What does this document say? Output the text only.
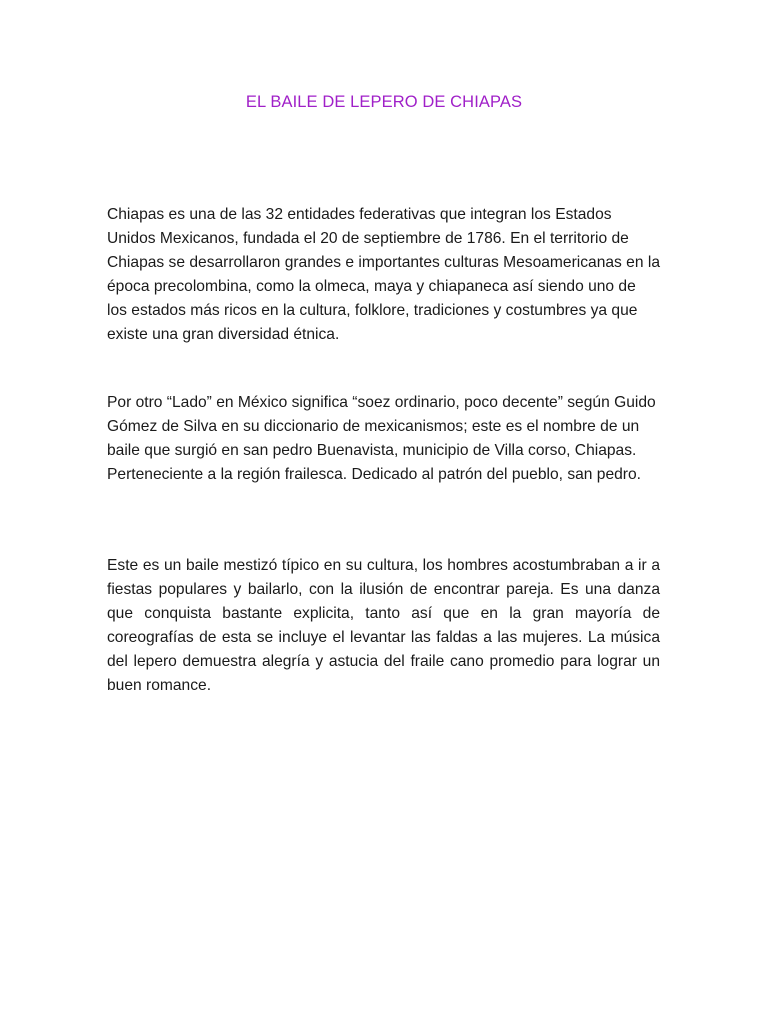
EL BAILE DE LEPERO DE CHIAPAS

Chiapas es una de las 32 entidades federativas que integran los Estados Unidos Mexicanos, fundada el 20 de septiembre de 1786. En el territorio de Chiapas se desarrollaron grandes e importantes culturas Mesoamericanas en la época precolombina, como la olmeca, maya y chiapaneca así siendo uno de los estados más ricos en la cultura, folklore, tradiciones y costumbres ya que existe una gran diversidad étnica.

Por otro “Lado” en México significa “soez ordinario, poco decente” según Guido Gómez de Silva en su diccionario de mexicanismos; este es el nombre de un baile que surgió en san pedro Buenavista, municipio de Villa corso, Chiapas. Perteneciente a la región frailesca. Dedicado al patrón del pueblo, san pedro.

Este es un baile mestizó típico en su cultura, los hombres acostumbraban a ir a fiestas populares y bailarlo, con la ilusión de encontrar pareja. Es una danza que conquista bastante explicita, tanto así que en la gran mayoría de coreografías de esta se incluye el levantar las faldas a las mujeres. La música del lepero demuestra alegría y astucia del fraile cano promedio para lograr un buen romance.
